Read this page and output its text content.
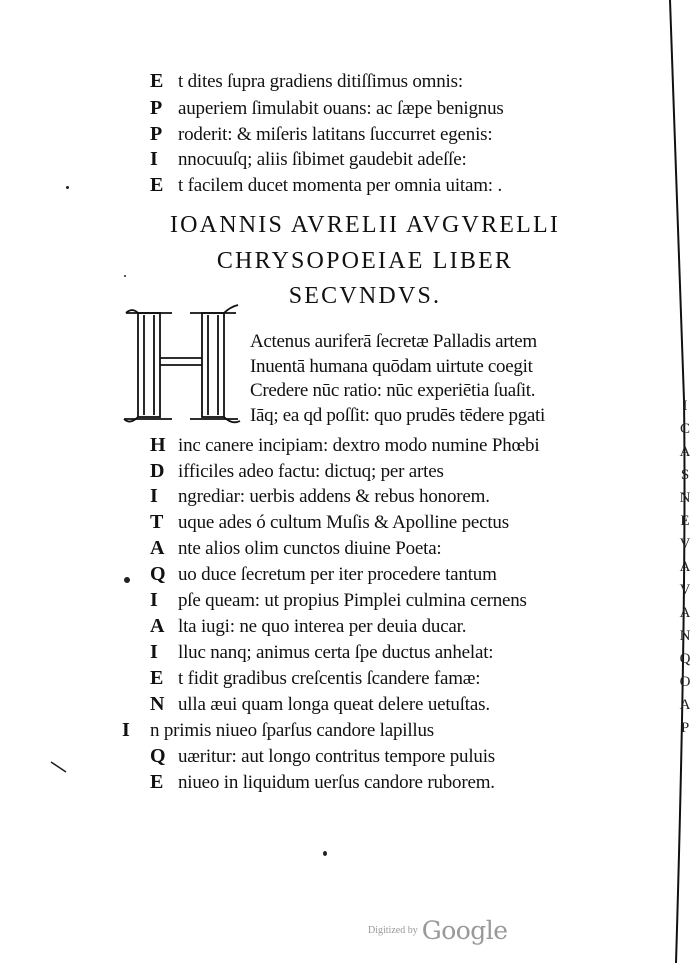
E t dites ſupra gradiens ditiſſimus omnis:
P auperiem ſimulabit ouans: ac ſæpe benignus
P roderit: & miſeris latitans ſuccurret egenis:
I nnocuuſq; aliis ſibimet gaudebit adeſſe:
E t facilem ducet momenta per omnia uitam: .
IOANNIS AVRELII AVGVRELLI
CHRYSOPOEIAE LIBER
SECVNDVS.
Actenus auriferā ſecretæ Palladis artem
Inuentā humana quōdam uirtute coegit
Credere nūc ratio: nūc experiētia ſuaſit.
Iāq; ea qd poſſit: quo prudēs tēdere pgati
H inc canere incipiam: dextro modo numine Phœbi
D ifficiles adeo factu: dictuq; per artes
I ngrediar: uerbis addens & rebus honorem.
T uque ades ó cultum Muſis & Apolline pectus
A nte alios olim cunctos diuine Poeta:
Q uo duce ſecretum per iter procedere tantum
I pſe queam: ut propius Pimplei culmina cernens
A lta iugi: ne quo interea per deuia ducar.
I lluc nanq; animus certa ſpe ductus anhelat:
E t fidit gradibus creſcentis ſcandere famæ:
N ulla æui quam longa queat delere uetuſtas.
I n primis niueo ſparſus candore lapillus
Q uæritur: aut longo contritus tempore puluis
E niueo in liquidum uerſus candore ruborem.
I
C
A
S
N
E
V
A
V
A
N
Q
O
A
P
Digitized by Google
